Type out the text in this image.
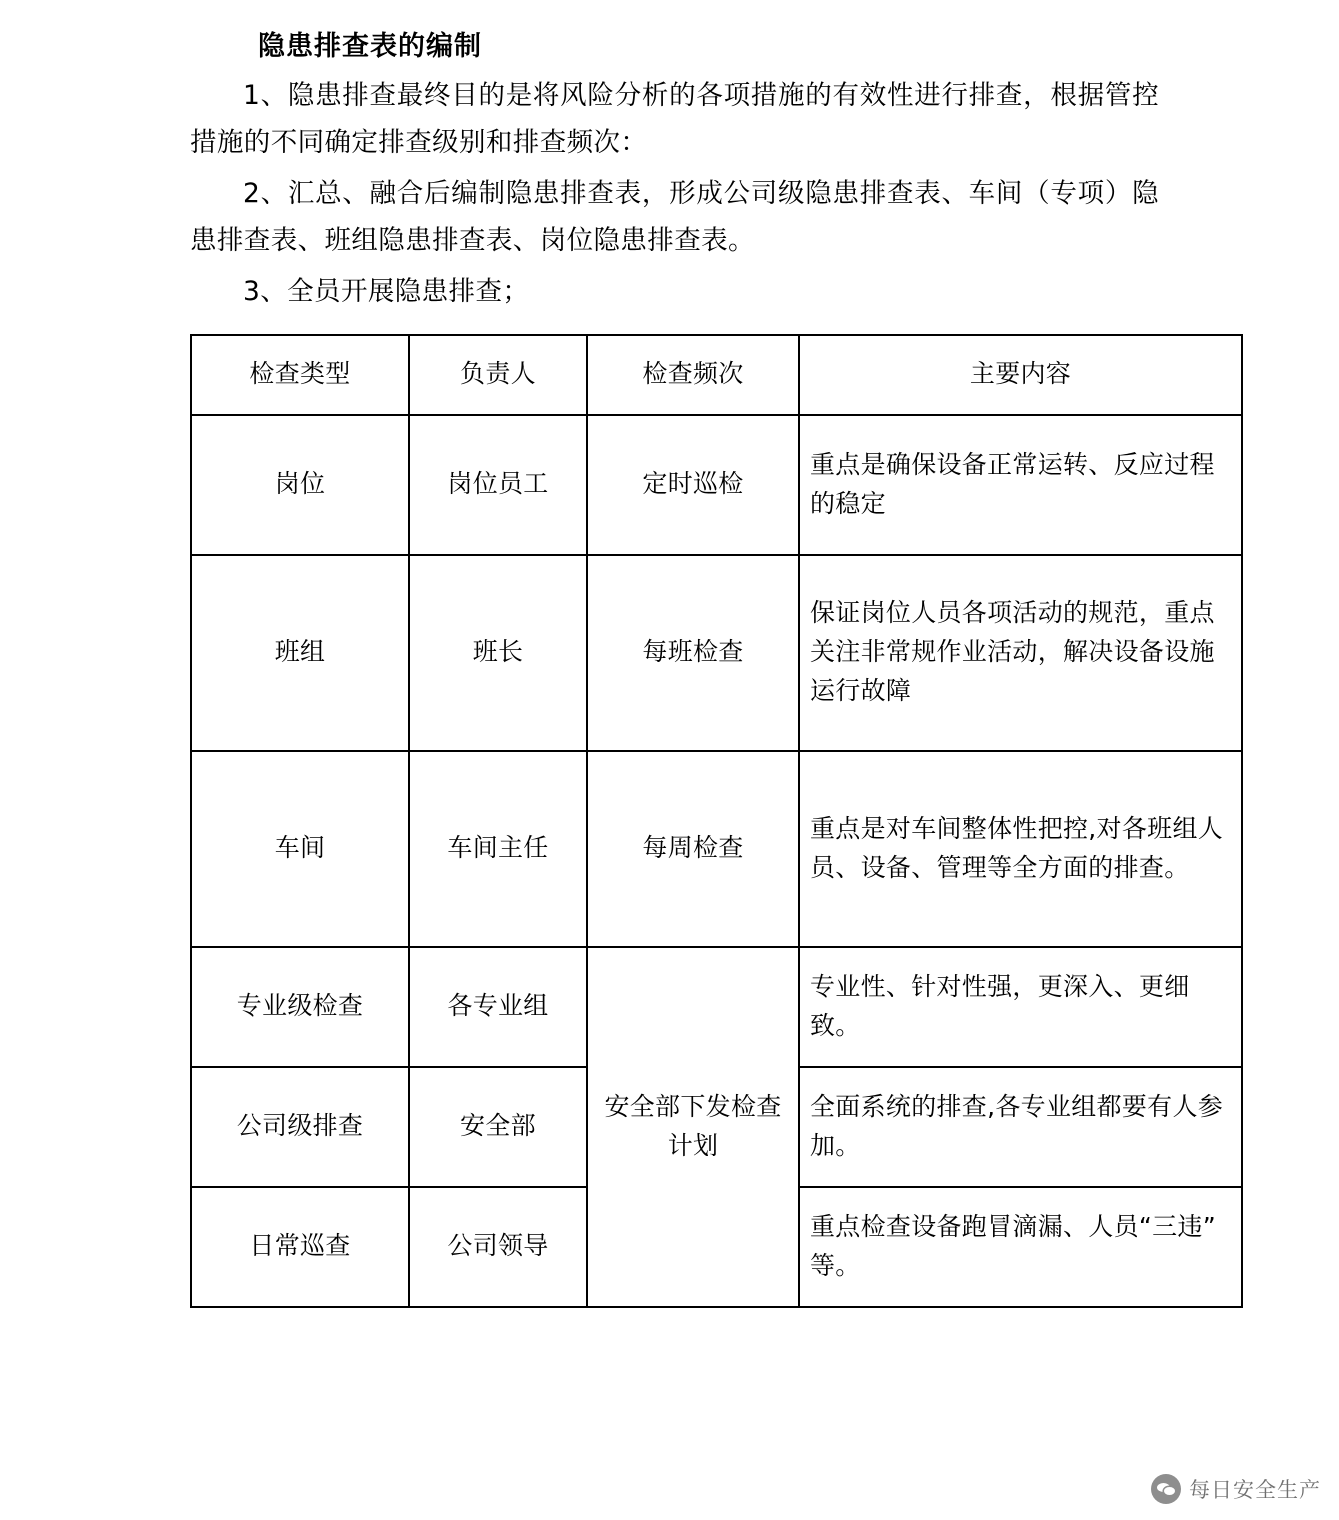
隐患排查表的编制

1、隐患排查最终目的是将风险分析的各项措施的有效性进行排查，根据管控措施的不同确定排查级别和排查频次：

2、汇总、融合后编制隐患排查表，形成公司级隐患排查表、车间（专项）隐患排查表、班组隐患排查表、岗位隐患排查表。

3、全员开展隐患排查；

检查类型	负责人	检查频次	主要内容
岗位	岗位员工	定时巡检	重点是确保设备正常运转、反应过程的稳定
班组	班长	每班检查	保证岗位人员各项活动的规范，重点关注非常规作业活动，解决设备设施运行故障
车间	车间主任	每周检查	重点是对车间整体性把控,对各班组人员、设备、管理等全方面的排查。
专业级检查	各专业组	安全部下发检查计划	专业性、针对性强，更深入、更细致。
公司级排查	安全部		全面系统的排查,各专业组都要有人参加。
日常巡查	公司领导		重点检查设备跑冒滴漏、人员“三违”等。
每日安全生产
